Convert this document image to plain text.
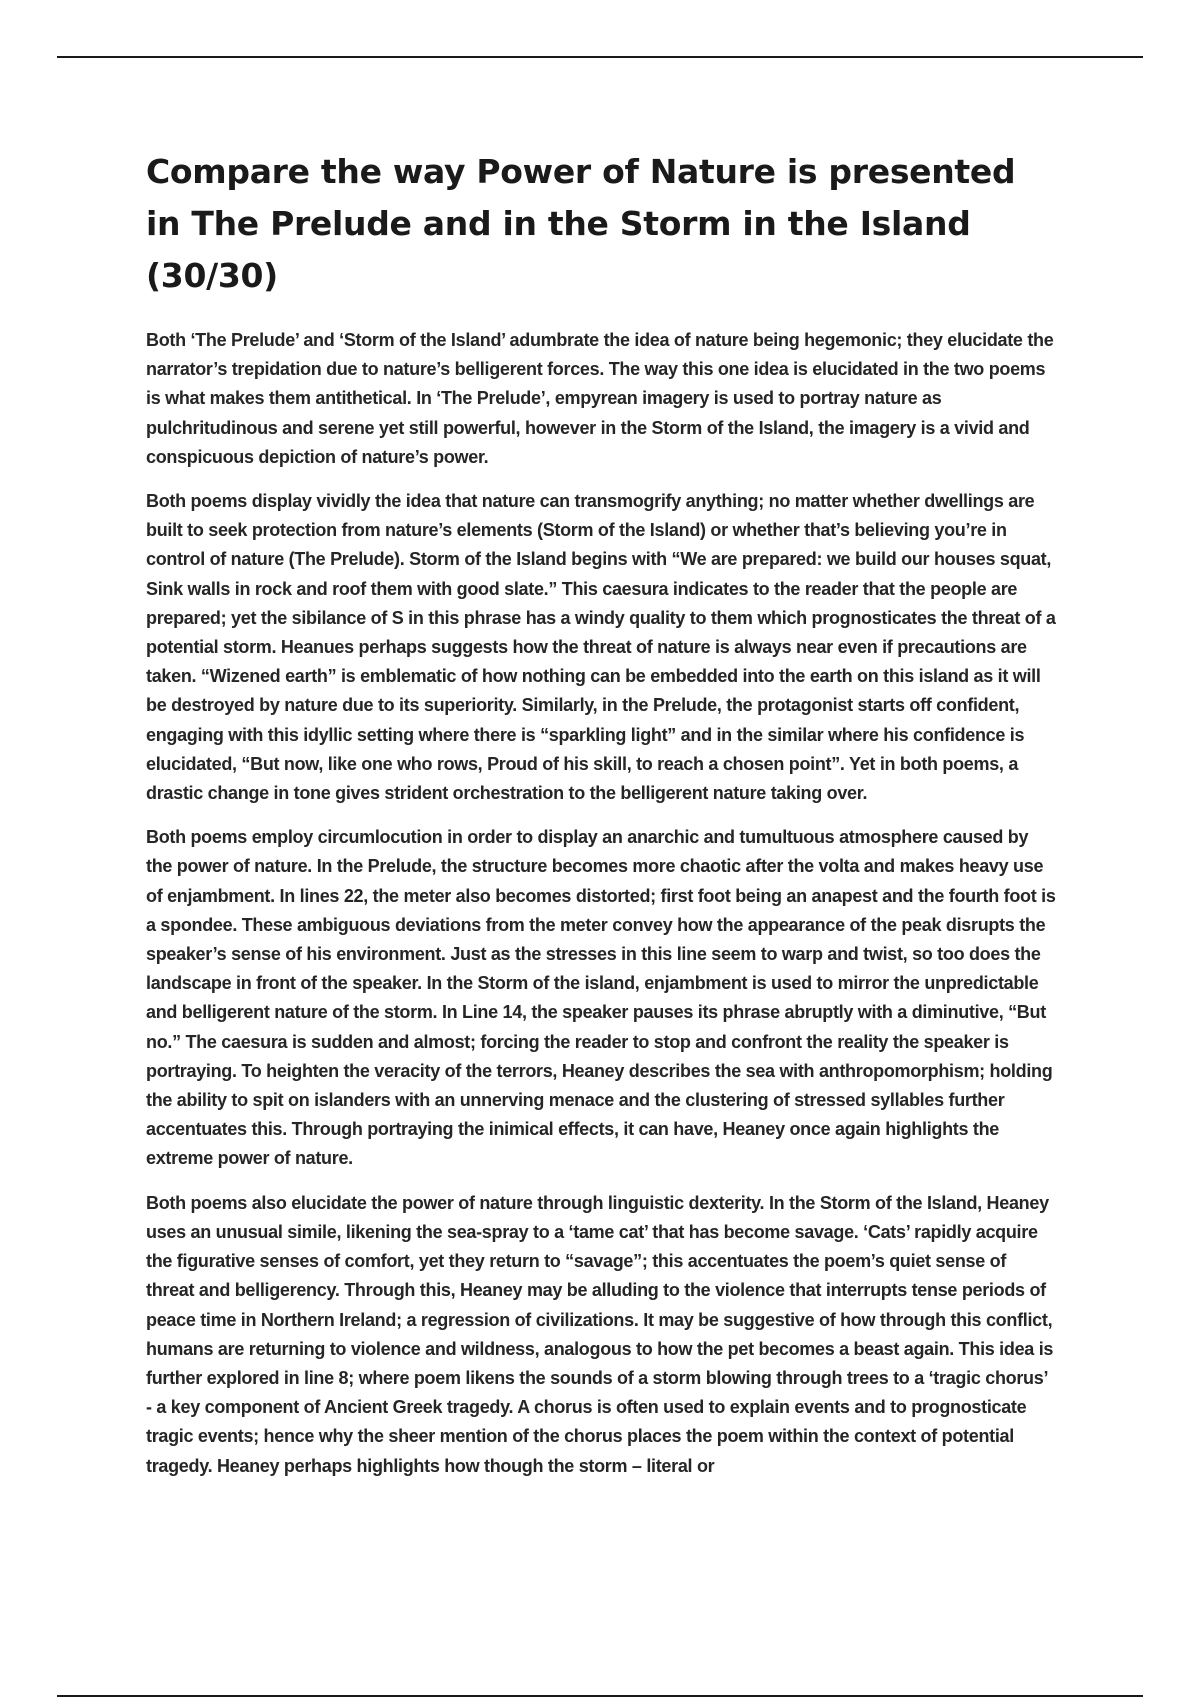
Compare the way Power of Nature is presented in The Prelude and in the Storm in the Island (30/30)

Both ‘The Prelude’ and ‘Storm of the Island’ adumbrate the idea of nature being hegemonic; they elucidate the narrator’s trepidation due to nature’s belligerent forces. The way this one idea is elucidated in the two poems is what makes them antithetical. In ‘The Prelude’, empyrean imagery is used to portray nature as pulchritudinous and serene yet still powerful, however in the Storm of the Island, the imagery is a vivid and conspicuous depiction of nature’s power.

Both poems display vividly the idea that nature can transmogrify anything; no matter whether dwellings are built to seek protection from nature’s elements (Storm of the Island) or whether that’s believing you’re in control of nature (The Prelude). Storm of the Island begins with “We are prepared: we build our houses squat, Sink walls in rock and roof them with good slate.” This caesura indicates to the reader that the people are prepared; yet the sibilance of S in this phrase has a windy quality to them which prognosticates the threat of a potential storm. Heanues perhaps suggests how the threat of nature is always near even if precautions are taken. “Wizened earth” is emblematic of how nothing can be embedded into the earth on this island as it will be destroyed by nature due to its superiority. Similarly, in the Prelude, the protagonist starts off confident, engaging with this idyllic setting where there is “sparkling light” and in the similar where his confidence is elucidated, “But now, like one who rows, Proud of his skill, to reach a chosen point”. Yet in both poems, a drastic change in tone gives strident orchestration to the belligerent nature taking over.

Both poems employ circumlocution in order to display an anarchic and tumultuous atmosphere caused by the power of nature. In the Prelude, the structure becomes more chaotic after the volta and makes heavy use of enjambment. In lines 22, the meter also becomes distorted; first foot being an anapest and the fourth foot is a spondee. These ambiguous deviations from the meter convey how the appearance of the peak disrupts the speaker’s sense of his environment. Just as the stresses in this line seem to warp and twist, so too does the landscape in front of the speaker. In the Storm of the island, enjambment is used to mirror the unpredictable and belligerent nature of the storm. In Line 14, the speaker pauses its phrase abruptly with a diminutive, “But no.” The caesura is sudden and almost; forcing the reader to stop and confront the reality the speaker is portraying. To heighten the veracity of the terrors, Heaney describes the sea with anthropomorphism; holding the ability to spit on islanders with an unnerving menace and the clustering of stressed syllables further accentuates this. Through portraying the inimical effects, it can have, Heaney once again highlights the extreme power of nature.

Both poems also elucidate the power of nature through linguistic dexterity. In the Storm of the Island, Heaney uses an unusual simile, likening the sea-spray to a ‘tame cat’ that has become savage. ‘Cats’ rapidly acquire the figurative senses of comfort, yet they return to “savage”; this accentuates the poem’s quiet sense of threat and belligerency. Through this, Heaney may be alluding to the violence that interrupts tense periods of peace time in Northern Ireland; a regression of civilizations. It may be suggestive of how through this conflict, humans are returning to violence and wildness, analogous to how the pet becomes a beast again. This idea is further explored in line 8; where poem likens the sounds of a storm blowing through trees to a ‘tragic chorus’ - a key component of Ancient Greek tragedy. A chorus is often used to explain events and to prognosticate tragic events; hence why the sheer mention of the chorus places the poem within the context of potential tragedy. Heaney perhaps highlights how though the storm – literal or
